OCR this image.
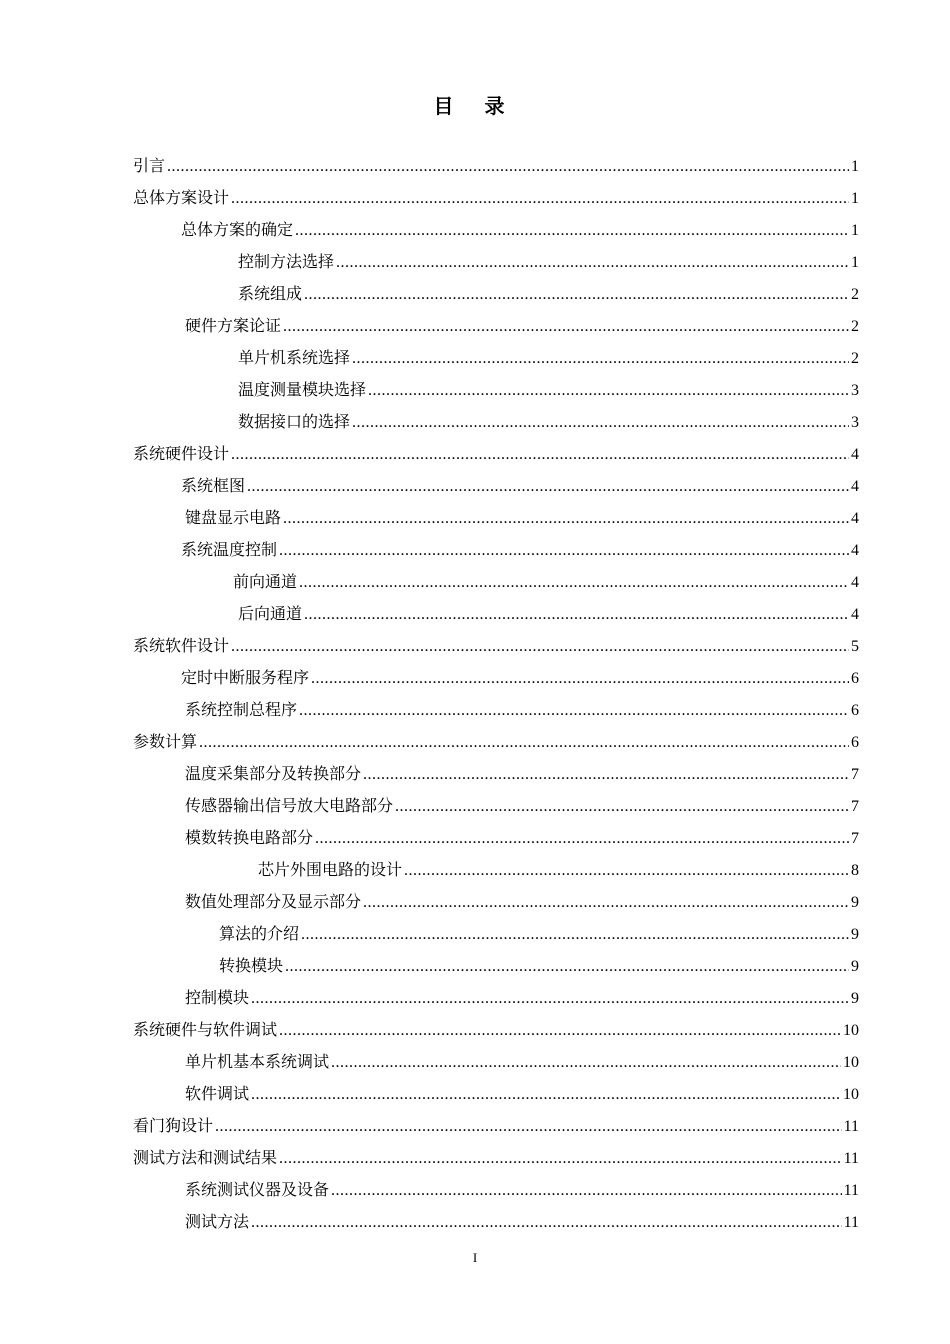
目 录
引言 .....	1
总体方案设计 .....	1
总体方案的确定 .....	1
控制方法选择 .....	1
系统组成 .....	2
硬件方案论证 .....	2
单片机系统选择 .....	2
温度测量模块选择 .....	3
数据接口的选择 .....	3
系统硬件设计 .....	4
系统框图 .....	4
键盘显示电路 .....	4
系统温度控制 .....	4
前向通道 .....	4
后向通道 .....	4
系统软件设计 .....	5
定时中断服务程序 .....	6
系统控制总程序 .....	6
参数计算 .....	6
温度采集部分及转换部分 .....	7
传感器输出信号放大电路部分 .....	7
模数转换电路部分 .....	7
芯片外围电路的设计 .....	8
数值处理部分及显示部分 .....	9
算法的介绍 .....	9
转换模块 .....	9
控制模块 .....	9
系统硬件与软件调试 .....	10
单片机基本系统调试 .....	10
软件调试 .....	10
看门狗设计 .....	11
测试方法和测试结果 .....	11
系统测试仪器及设备 .....	11
测试方法 .....	11
I
